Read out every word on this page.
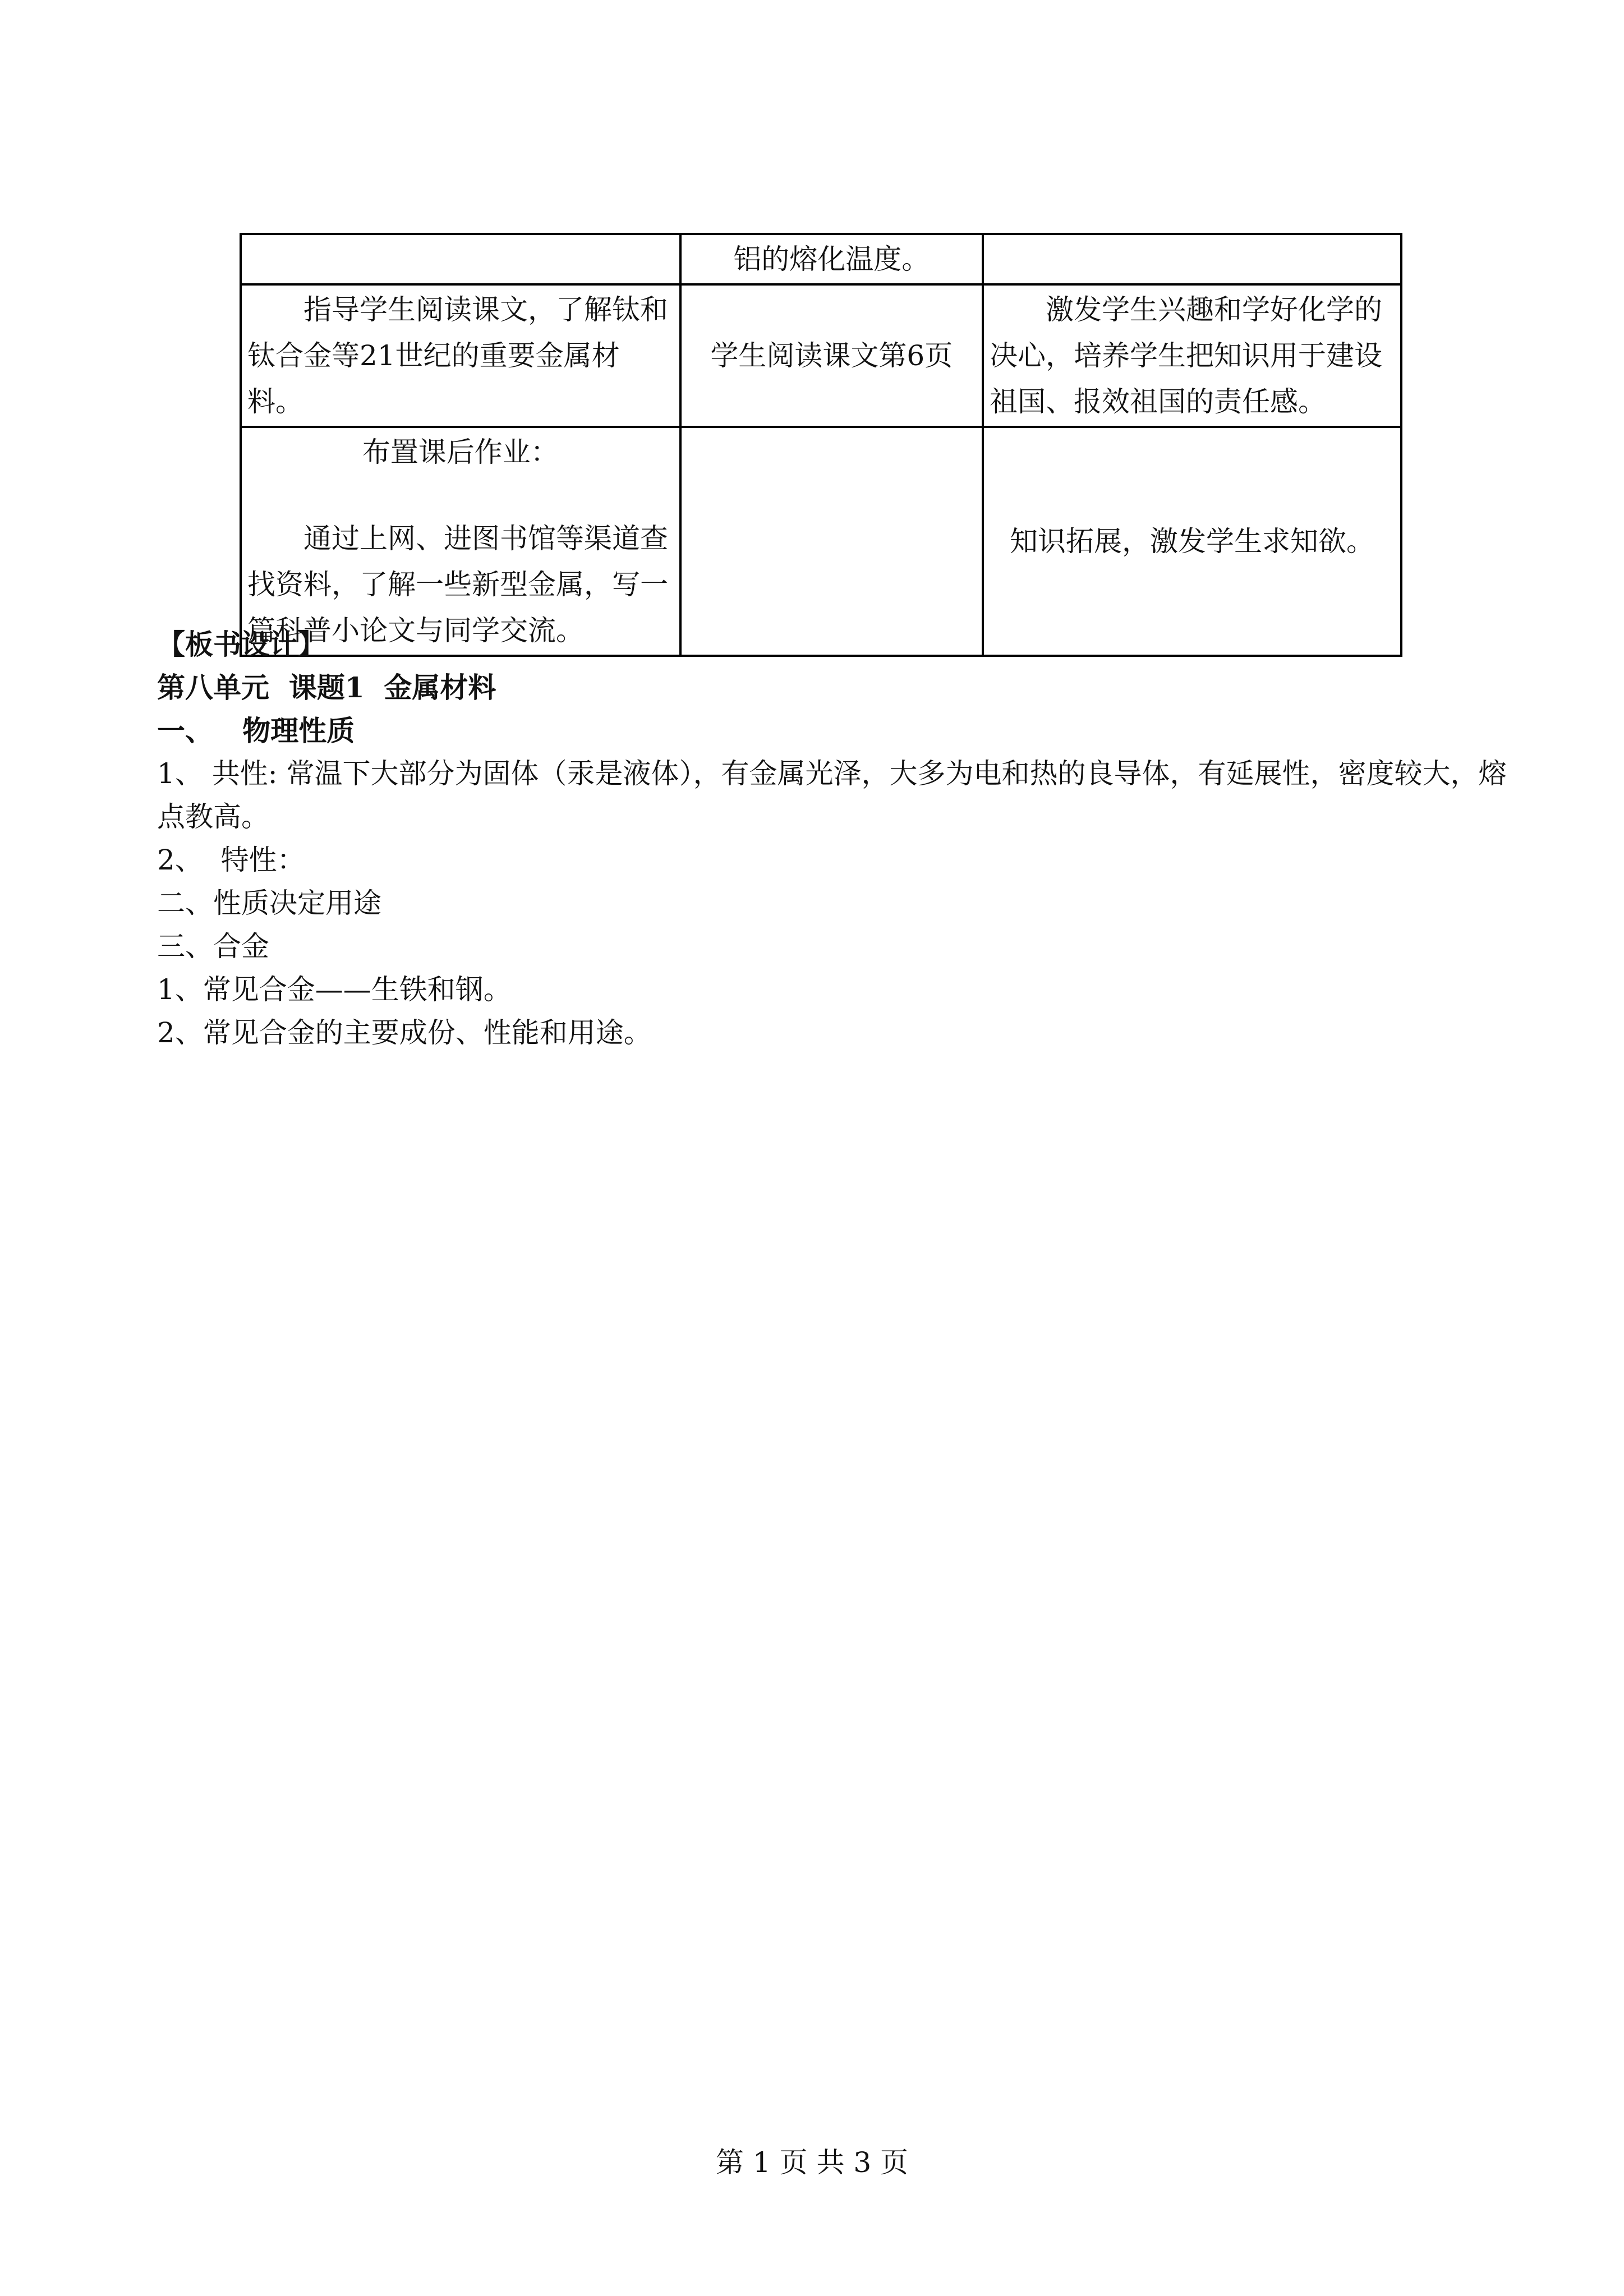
	铝的熔化温度。	
指导学生阅读课文，了解钛和钛合金等21世纪的重要金属材料。	学生阅读课文第6页	激发学生兴趣和学好化学的决心，培养学生把知识用于建设祖国、报效祖国的责任感。

布置课后作业：

通过上网、进图书馆等渠道查找资料，了解一些新型金属，写一篇科普小论文与同学交流。		知识拓展，激发学生求知欲。

【板书设计】

第八单元  课题1  金属材料

一、   物理性质

1、 共性: 常温下大部分为固体（汞是液体），有金属光泽，大多为电和热的良导体，有延展性，密度较大，熔点教高。

2、  特性：

二、性质决定用途

三、合金

1、常见合金——生铁和钢。

2、常见合金的主要成份、性能和用途。

第 1 页 共 3 页
